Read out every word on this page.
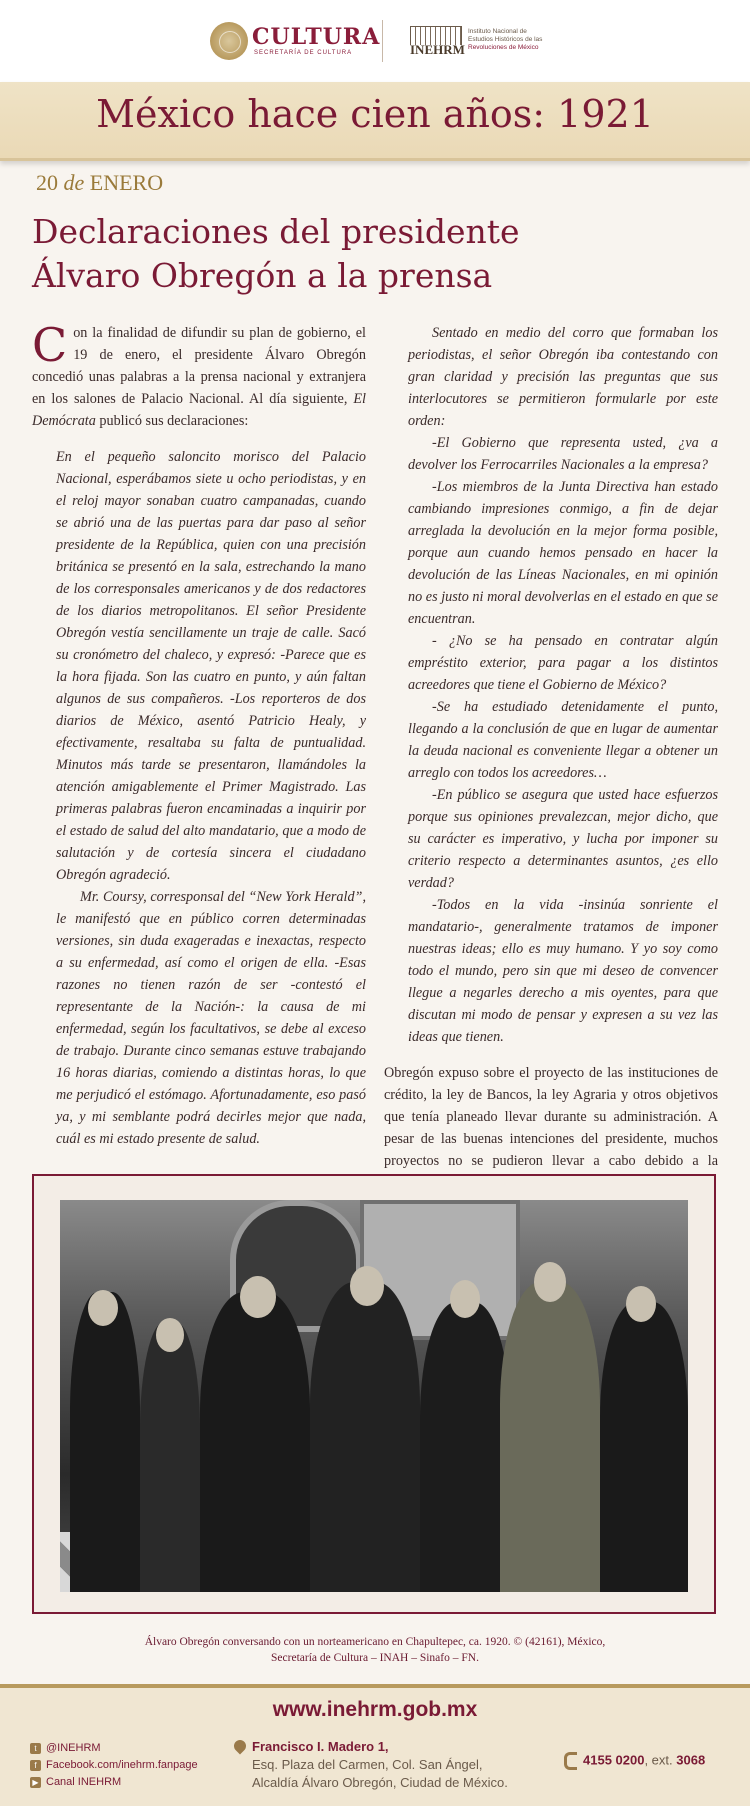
CULTURA
SECRETARÍA DE CULTURA	INEHRM
Instituto Nacional de
Estudios Históricos de las
Revoluciones de México
México hace cien años: 1921
20 de ENERO
Declaraciones del presidente
Álvaro Obregón a la prensa

Con la finalidad de difundir su plan de gobierno, el 19 de enero, el presidente Álvaro Obregón concedió unas palabras a la prensa nacional y extranjera en los salones de Palacio Nacional. Al día siguiente, El Demócrata publicó sus declaraciones:

En el pequeño saloncito morisco del Palacio Nacional, esperábamos siete u ocho periodistas, y en el reloj mayor sonaban cuatro campanadas, cuando se abrió una de las puertas para dar paso al señor presidente de la República, quien con una precisión británica se presentó en la sala, estrechando la mano de los corresponsales americanos y de dos redactores de los diarios metropolitanos. El señor Presidente Obregón vestía sencillamente un traje de calle. Sacó su cronómetro del chaleco, y expresó: -Parece que es la hora fijada. Son las cuatro en punto, y aún faltan algunos de sus compañeros. -Los reporteros de dos diarios de México, asentó Patricio Healy, y efectivamente, resaltaba su falta de puntualidad. Minutos más tarde se presentaron, llamándoles la atención amigablemente el Primer Magistrado. Las primeras palabras fueron encaminadas a inquirir por el estado de salud del alto mandatario, que a modo de salutación y de cortesía sincera el ciudadano Obregón agradeció.

Mr. Coursy, corresponsal del “New York Herald”, le manifestó que en público corren determinadas versiones, sin duda exageradas e inexactas, respecto a su enfermedad, así como el origen de ella. -Esas razones no tienen razón de ser -contestó el representante de la Nación-: la causa de mi enfermedad, según los facultativos, se debe al exceso de trabajo. Durante cinco semanas estuve trabajando 16 horas diarias, comiendo a distintas horas, lo que me perjudicó el estómago. Afortunadamente, eso pasó ya, y mi semblante podrá decirles mejor que nada, cuál es mi estado presente de salud.

Sentado en medio del corro que formaban los periodistas, el señor Obregón iba contestando con gran claridad y precisión las preguntas que sus interlocutores se permitieron formularle por este orden:

-El Gobierno que representa usted, ¿va a devolver los Ferrocarriles Nacionales a la empresa?

-Los miembros de la Junta Directiva han estado cambiando impresiones conmigo, a fin de dejar arreglada la devolución en la mejor forma posible, porque aun cuando hemos pensado en hacer la devolución de las Líneas Nacionales, en mi opinión no es justo ni moral devolverlas en el estado en que se encuentran.

- ¿No se ha pensado en contratar algún empréstito exterior, para pagar a los distintos acreedores que tiene el Gobierno de México?

-Se ha estudiado detenidamente el punto, llegando a la conclusión de que en lugar de aumentar la deuda nacional es conveniente llegar a obtener un arreglo con todos los acreedores…

-En público se asegura que usted hace esfuerzos porque sus opiniones prevalezcan, mejor dicho, que su carácter es imperativo, y lucha por imponer su criterio respecto a determinantes asuntos, ¿es ello verdad?

-Todos en la vida -insinúa sonriente el mandatario-, generalmente tratamos de imponer nuestras ideas; ello es muy humano. Y yo soy como todo el mundo, pero sin que mi deseo de convencer llegue a negarles derecho a mis oyentes, para que discutan mi modo de pensar y expresen a su vez las ideas que tienen.

Obregón expuso sobre el proyecto de las instituciones de crédito, la ley de Bancos, la ley Agraria y otros objetivos que tenía planeado llevar durante su administración. A pesar de las buenas intenciones del presidente, muchos proyectos no se pudieron llevar a cabo debido a la

Álvaro Obregón conversando con un norteamericano en Chapultepec, ca. 1920. © (42161), México,
Secretaría de Cultura – INAH – Sinafo – FN.
www.inehrm.gob.mx
t @INEHRM
f Facebook.com/inehrm.fanpage
▶ Canal INEHRM
Francisco I. Madero 1,
Esq. Plaza del Carmen, Col. San Ángel,
Alcaldía Álvaro Obregón, Ciudad de México.
4155 0200, ext. 3068
